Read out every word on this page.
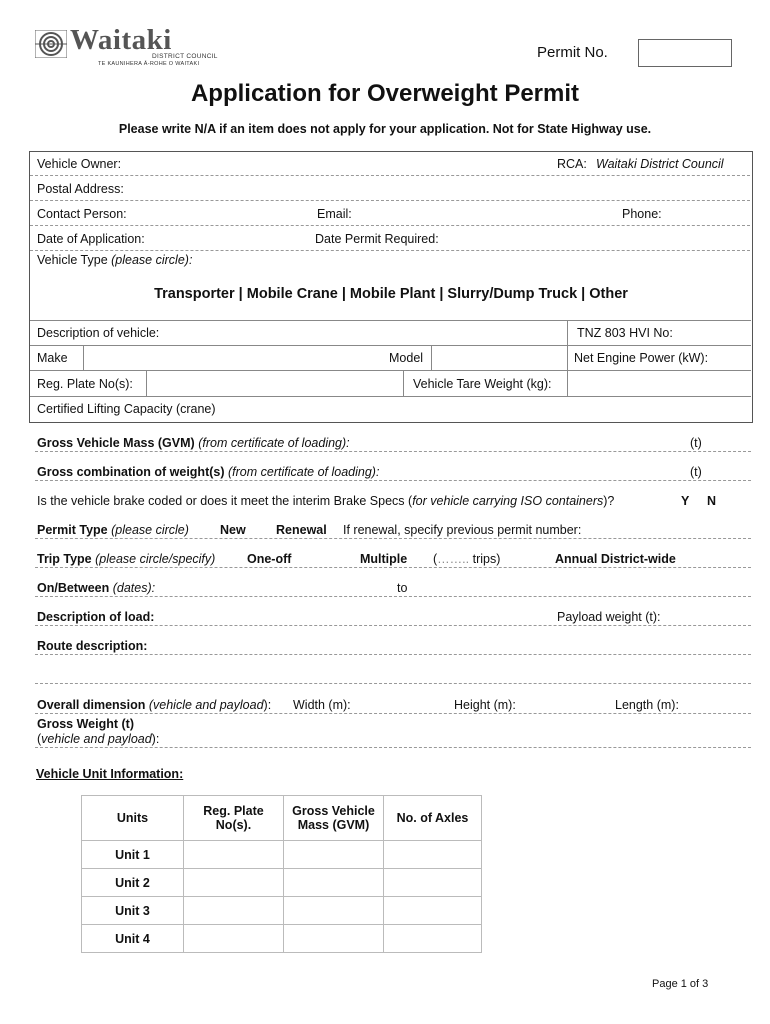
Waitaki
DISTRICT COUNCIL
TE KAUNIHERA Ā-ROHE O WAITAKI
Permit No.
Application for Overweight Permit
Please write N/A if an item does not apply for your application. Not for State Highway use.
Vehicle Owner:	RCA: Waitaki District Council
Postal Address:
Contact Person:	Email:	Phone:
Date of Application:	Date Permit Required:
Vehicle Type (please circle):
Transporter | Mobile Crane | Mobile Plant | Slurry/Dump Truck | Other
Description of vehicle:	TNZ 803 HVI No:
Make	Model	Net Engine Power (kW):
Reg. Plate No(s):	Vehicle Tare Weight (kg):
Certified Lifting Capacity (crane)
Gross Vehicle Mass (GVM) (from certificate of loading):	(t)
Gross combination of weight(s) (from certificate of loading):	(t)
Is the vehicle brake coded or does it meet the interim Brake Specs (for vehicle carrying ISO containers)?	Y N
Permit Type (please circle) New Renewal If renewal, specify previous permit number:
Trip Type (please circle/specify)	One-off	Multiple (…….. trips)	Annual District-wide
On/Between (dates):	to
Description of load:	Payload weight (t):
Route description:
Overall dimension (vehicle and payload): Width (m):	Height (m):	Length (m):
Gross Weight (t)
(vehicle and payload):
Vehicle Unit Information:
Units	Reg. Plate No(s).	Gross Vehicle Mass (GVM)	No. of Axles
Unit 1			
Unit 2			
Unit 3			
Unit 4			
Page 1 of 3
